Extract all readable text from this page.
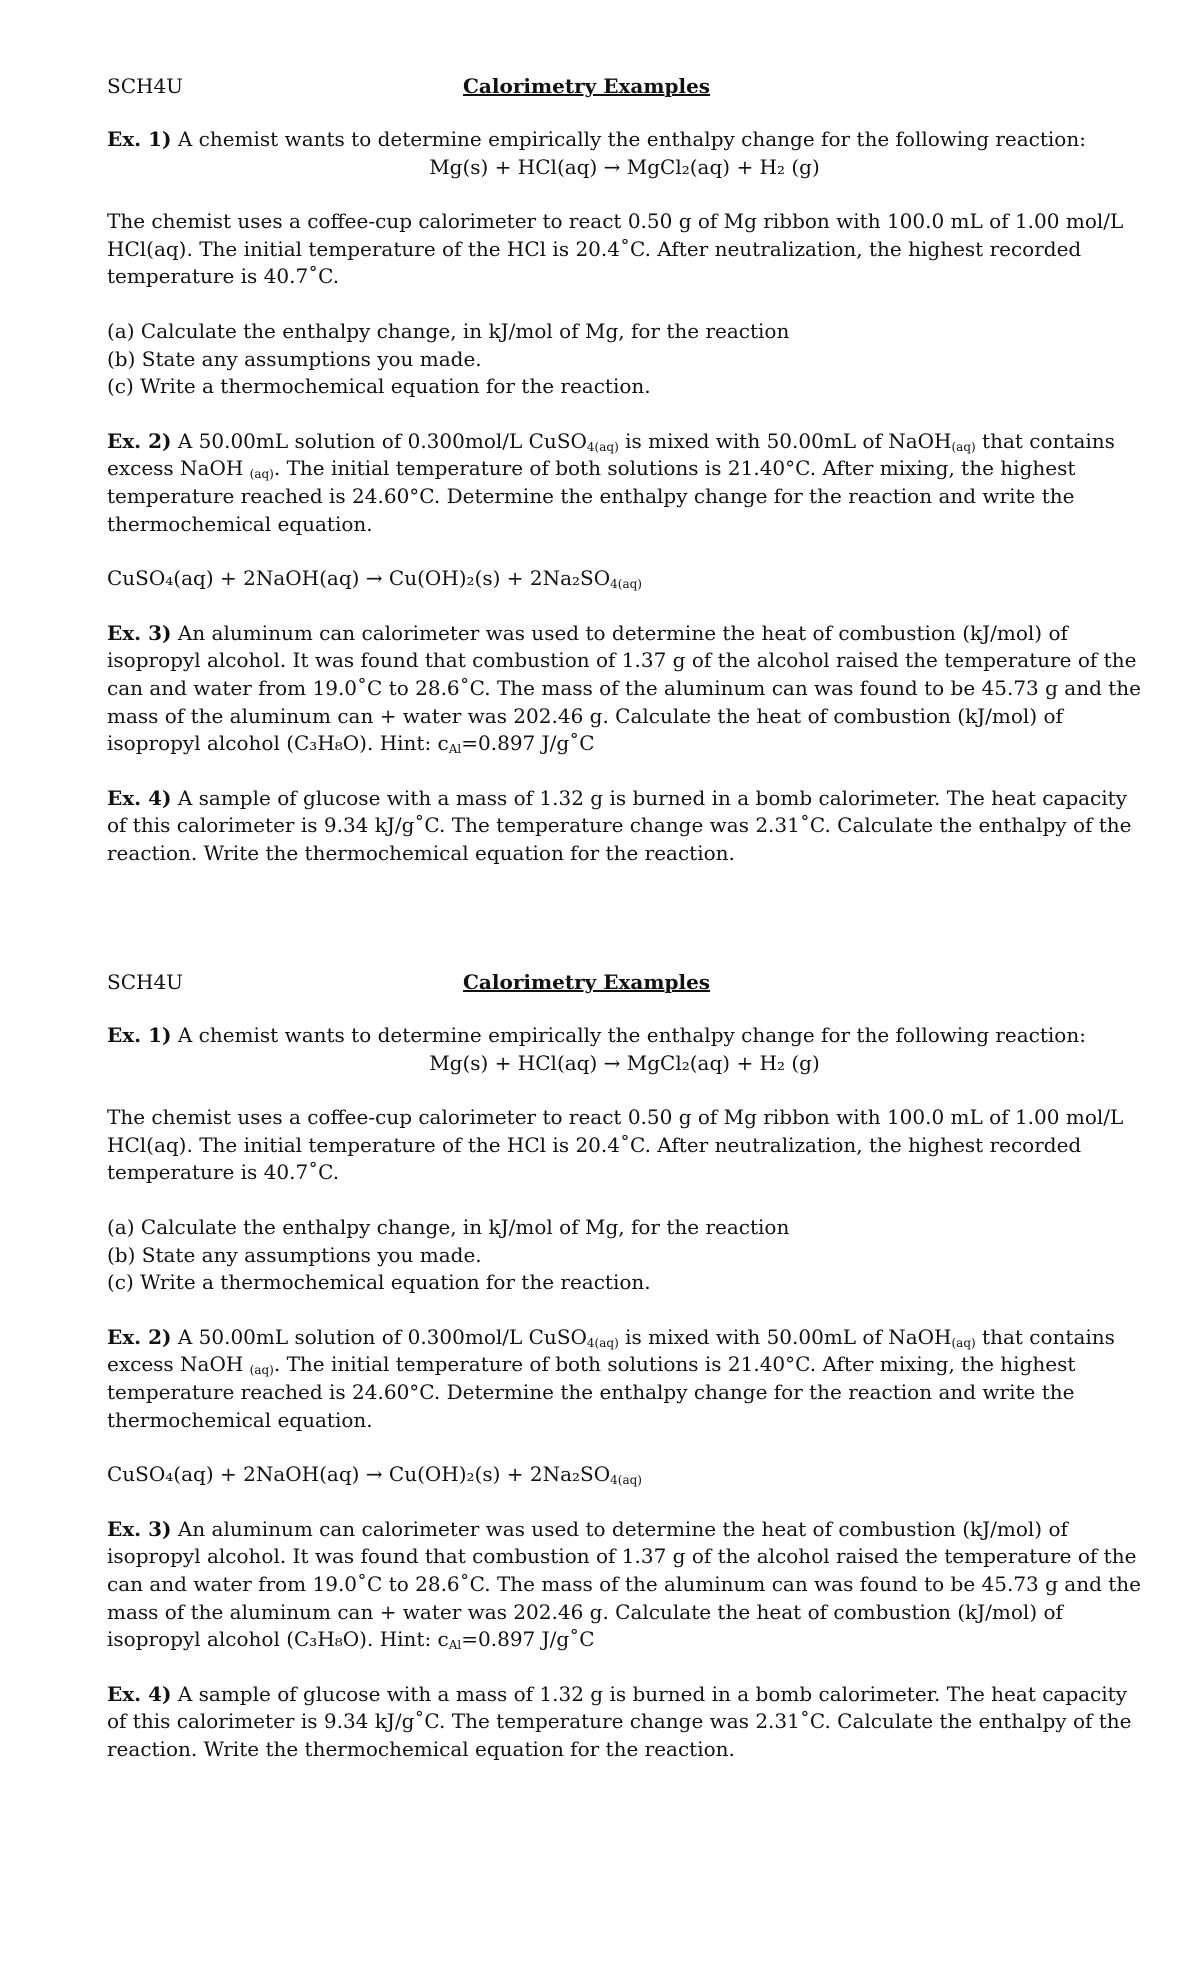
SCH4U	Calorimetry Examples

Ex. 1) A chemist wants to determine empirically the enthalpy change for the following reaction:

Mg(s) + HCl(aq) → MgCl₂(aq) + H₂ (g)

The chemist uses a coffee-cup calorimeter to react 0.50 g of Mg ribbon with 100.0 mL of 1.00 mol/L HCl(aq). The initial temperature of the HCl is 20.4˚C. After neutralization, the highest recorded temperature is 40.7˚C.

(a) Calculate the enthalpy change, in kJ/mol of Mg, for the reaction

(b) State any assumptions you made.

(c) Write a thermochemical equation for the reaction.

Ex. 2) A 50.00mL solution of 0.300mol/L CuSO$_{4(aq)}$ is mixed with 50.00mL of NaOH$_{(aq)}$ that contains excess NaOH $_{(aq)}$. The initial temperature of both solutions is 21.40°C. After mixing, the highest temperature reached is 24.60°C. Determine the enthalpy change for the reaction and write the thermochemical equation.

CuSO₄(aq) + 2NaOH(aq) → $Cu(OH)_2(s) + 2Na_2SO_{4(aq)}$

Ex. 3) An aluminum can calorimeter was used to determine the heat of combustion (kJ/mol) of isopropyl alcohol. It was found that combustion of 1.37 g of the alcohol raised the temperature of the can and water from 19.0˚C to 28.6˚C. The mass of the aluminum can was found to be 45.73 g and the mass of the aluminum can + water was 202.46 g. Calculate the heat of combustion (kJ/mol) of isopropyl alcohol (C₃H₈O). Hint: $c_{Al}=0.897$ J/g˚C

Ex. 4) A sample of glucose with a mass of 1.32 g is burned in a bomb calorimeter. The heat capacity of this calorimeter is 9.34 kJ/g˚C. The temperature change was 2.31˚C. Calculate the enthalpy of the reaction. Write the thermochemical equation for the reaction.

SCH4U	Calorimetry Examples

Ex. 1) A chemist wants to determine empirically the enthalpy change for the following reaction:

Mg(s) + HCl(aq) → MgCl₂(aq) + H₂ (g)

The chemist uses a coffee-cup calorimeter to react 0.50 g of Mg ribbon with 100.0 mL of 1.00 mol/L HCl(aq). The initial temperature of the HCl is 20.4˚C. After neutralization, the highest recorded temperature is 40.7˚C.

(a) Calculate the enthalpy change, in kJ/mol of Mg, for the reaction

(b) State any assumptions you made.

(c) Write a thermochemical equation for the reaction.

Ex. 2) A 50.00mL solution of 0.300mol/L CuSO$_{4(aq)}$ is mixed with 50.00mL of NaOH$_{(aq)}$ that contains excess NaOH $_{(aq)}$. The initial temperature of both solutions is 21.40°C. After mixing, the highest temperature reached is 24.60°C. Determine the enthalpy change for the reaction and write the thermochemical equation.

CuSO₄(aq) + 2NaOH(aq) → $Cu(OH)_2(s) + 2Na_2SO_{4(aq)}$

Ex. 3) An aluminum can calorimeter was used to determine the heat of combustion (kJ/mol) of isopropyl alcohol. It was found that combustion of 1.37 g of the alcohol raised the temperature of the can and water from 19.0˚C to 28.6˚C. The mass of the aluminum can was found to be 45.73 g and the mass of the aluminum can + water was 202.46 g. Calculate the heat of combustion (kJ/mol) of isopropyl alcohol (C₃H₈O). Hint: $c_{Al}=0.897$ J/g˚C

Ex. 4) A sample of glucose with a mass of 1.32 g is burned in a bomb calorimeter. The heat capacity of this calorimeter is 9.34 kJ/g˚C. The temperature change was 2.31˚C. Calculate the enthalpy of the reaction. Write the thermochemical equation for the reaction.
